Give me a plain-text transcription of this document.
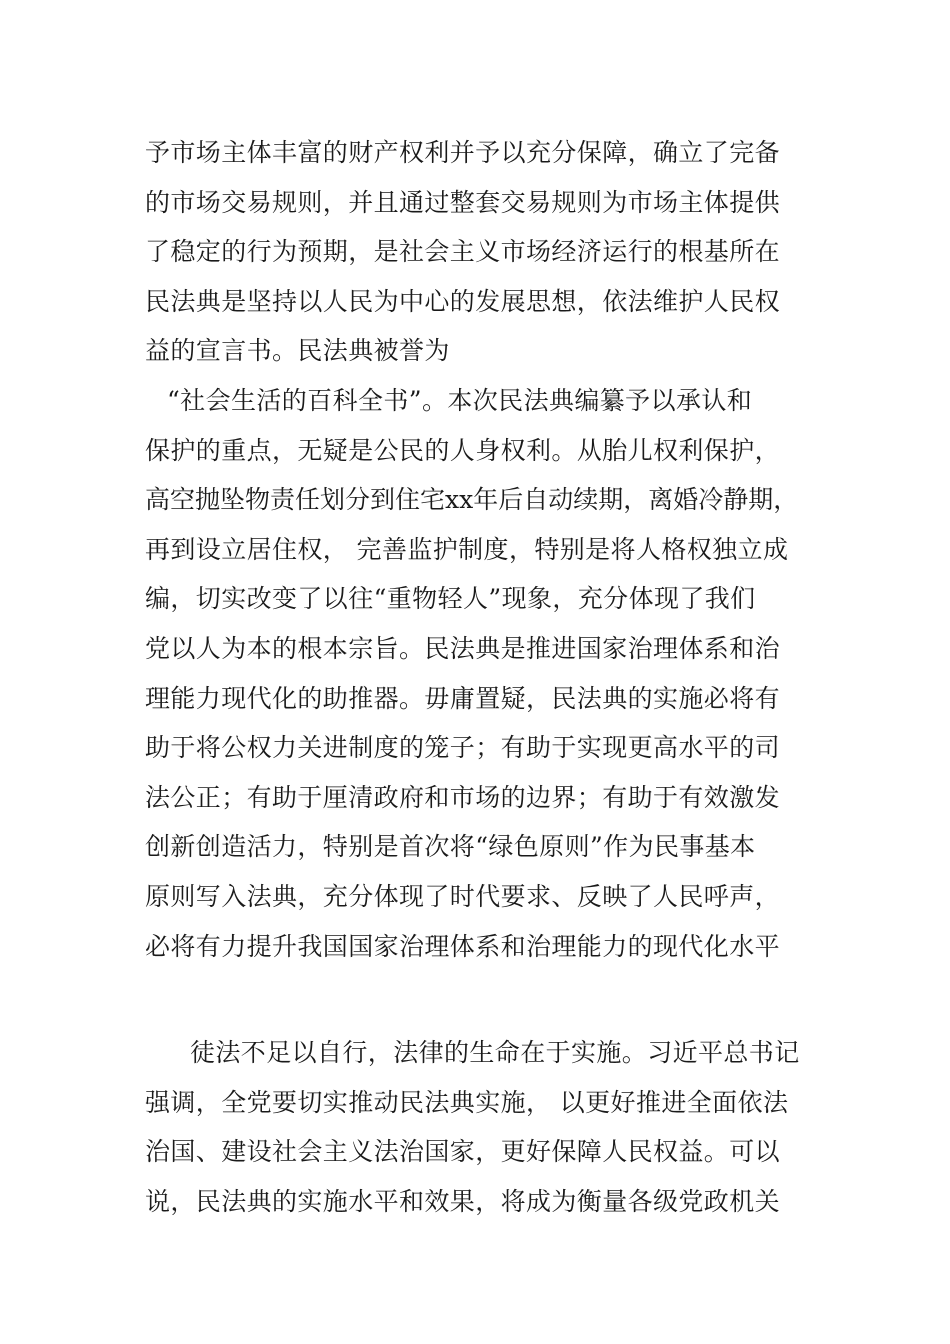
予市场主体丰富的财产权利并予以充分保障，确立了完备
的市场交易规则，并且通过整套交易规则为市场主体提供
了稳定的行为预期，是社会主义市场经济运行的根基所在
民法典是坚持以人民为中心的发展思想，依法维护人民权
益的宣言书。民法典被誉为
“社会生活的百科全书”。本次民法典编纂予以承认和
保护的重点，无疑是公民的人身权利。从胎儿权利保护，
高空抛坠物责任划分到住宅xx年后自动续期，离婚冷静期，
再到设立居住权， 完善监护制度，特别是将人格权独立成
编，切实改变了以往“重物轻人”现象，充分体现了我们
党以人为本的根本宗旨。民法典是推进国家治理体系和治
理能力现代化的助推器。毋庸置疑，民法典的实施必将有
助于将公权力关进制度的笼子；有助于实现更高水平的司
法公正；有助于厘清政府和市场的边界；有助于有效激发
创新创造活力，特别是首次将“绿色原则”作为民事基本
原则写入法典，充分体现了时代要求、反映了人民呼声，
必将有力提升我国国家治理体系和治理能力的现代化水平
徒法不足以自行，法律的生命在于实施。习近平总书记
强调，全党要切实推动民法典实施， 以更好推进全面依法
治国、建设社会主义法治国家，更好保障人民权益。可以
说，民法典的实施水平和效果，将成为衡量各级党政机关
